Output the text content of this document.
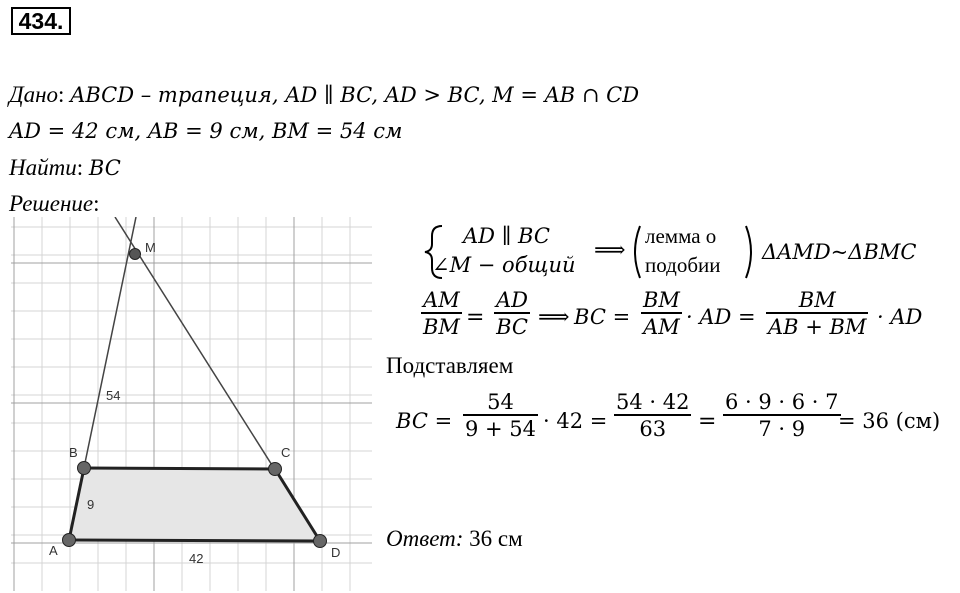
434.
Дано: ABCD – трапеция, AD ∥ BC, AD > BC, M = AB ∩ CD
AD = 42 см, AB = 9 см, BM = 54 см
Найти: BC
Решение:
M
B	C
A	D
54
9
42
AD ∥ BC
∠M − общий
⟹
лемма о
подобии
ΔAMD~ΔBMC
AM
BM =
AD
BC ⟹ BC =
BM
AM · AD =
BM
AB + BM · AD
Подставляем
BC =
54
9 + 54 · 42 =
54 · 42
63 =
6 · 9 · 6 · 7
7 · 9 = 36 (см)
Ответ: 36 см
